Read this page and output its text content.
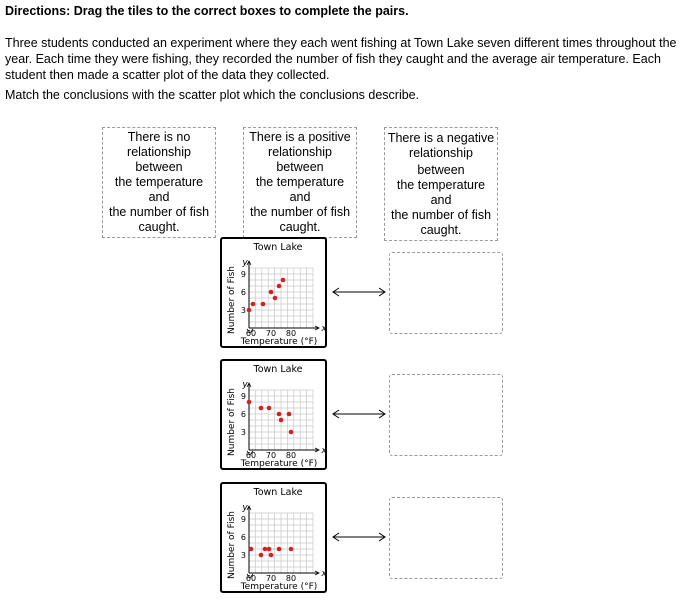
Directions: Drag the tiles to the correct boxes to complete the pairs.
Three students conducted an experiment where they each went fishing at Town Lake seven different times throughout the year. Each time they were fishing, they recorded the number of fish they caught and the average air temperature. Each student then made a scatter plot of the data they collected.
Match the conclusions with the scatter plot which the conclusions describe.
There is no
relationship
between
the temperature and
the number of fish
caught.
There is a positive
relationship
between
the temperature and
the number of fish
caught.
There is a negative
relationship
between
the temperature and
the number of fish
caught.
Town Lake
y
x
3
6
9
60 70 80
Temperature (°F)
Number of Fish
Town Lake
y
x
3
6
9
60 70 80
Temperature (°F)
Number of Fish
Town Lake
y
x
3
6
9
60 70 80
Temperature (°F)
Number of Fish
